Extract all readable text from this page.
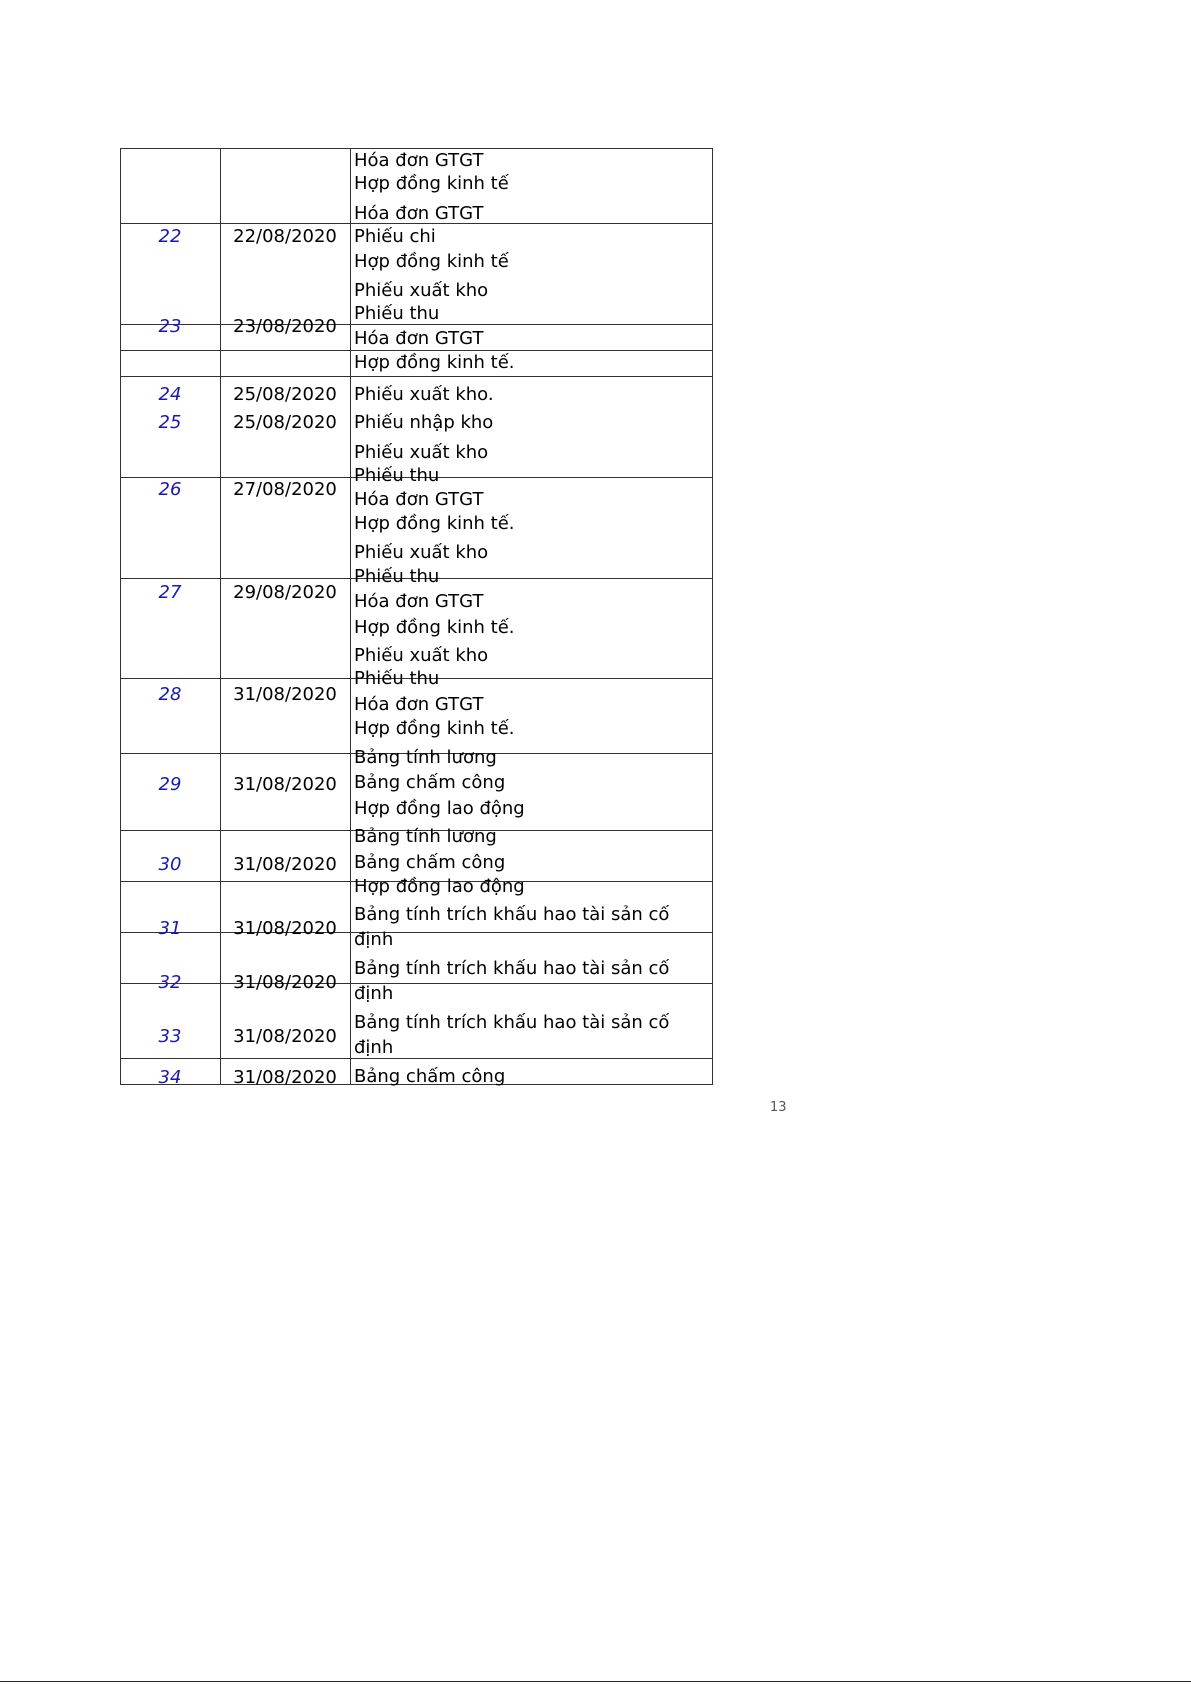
22
23
24
25
26
27
28
29
30
31
32
33
34
22/08/2020
23/08/2020
25/08/2020
25/08/2020
27/08/2020
29/08/2020
31/08/2020
31/08/2020
31/08/2020
31/08/2020
31/08/2020
31/08/2020
31/08/2020
Hóa đơn GTGT
Hợp đồng kinh tế
Hóa đơn GTGT
Phiếu chi
Hợp đồng kinh tế
Phiếu xuất kho
Phiếu thu
Hóa đơn GTGT
Hợp đồng kinh tế.
Phiếu xuất kho.
Phiếu nhập kho
Phiếu xuất kho
Phiếu thu
Hóa đơn GTGT
Hợp đồng kinh tế.
Phiếu xuất kho
Phiếu thu
Hóa đơn GTGT
Hợp đồng kinh tế.
Phiếu xuất kho
Phiếu thu
Hóa đơn GTGT
Hợp đồng kinh tế.
Bảng tính lương
Bảng chấm công
Hợp đồng lao động
Bảng tính lương
Bảng chấm công
Hợp đồng lao động
Bảng tính trích khấu hao tài sản cố
định
Bảng tính trích khấu hao tài sản cố
định
Bảng tính trích khấu hao tài sản cố
định
Bảng chấm công
13
